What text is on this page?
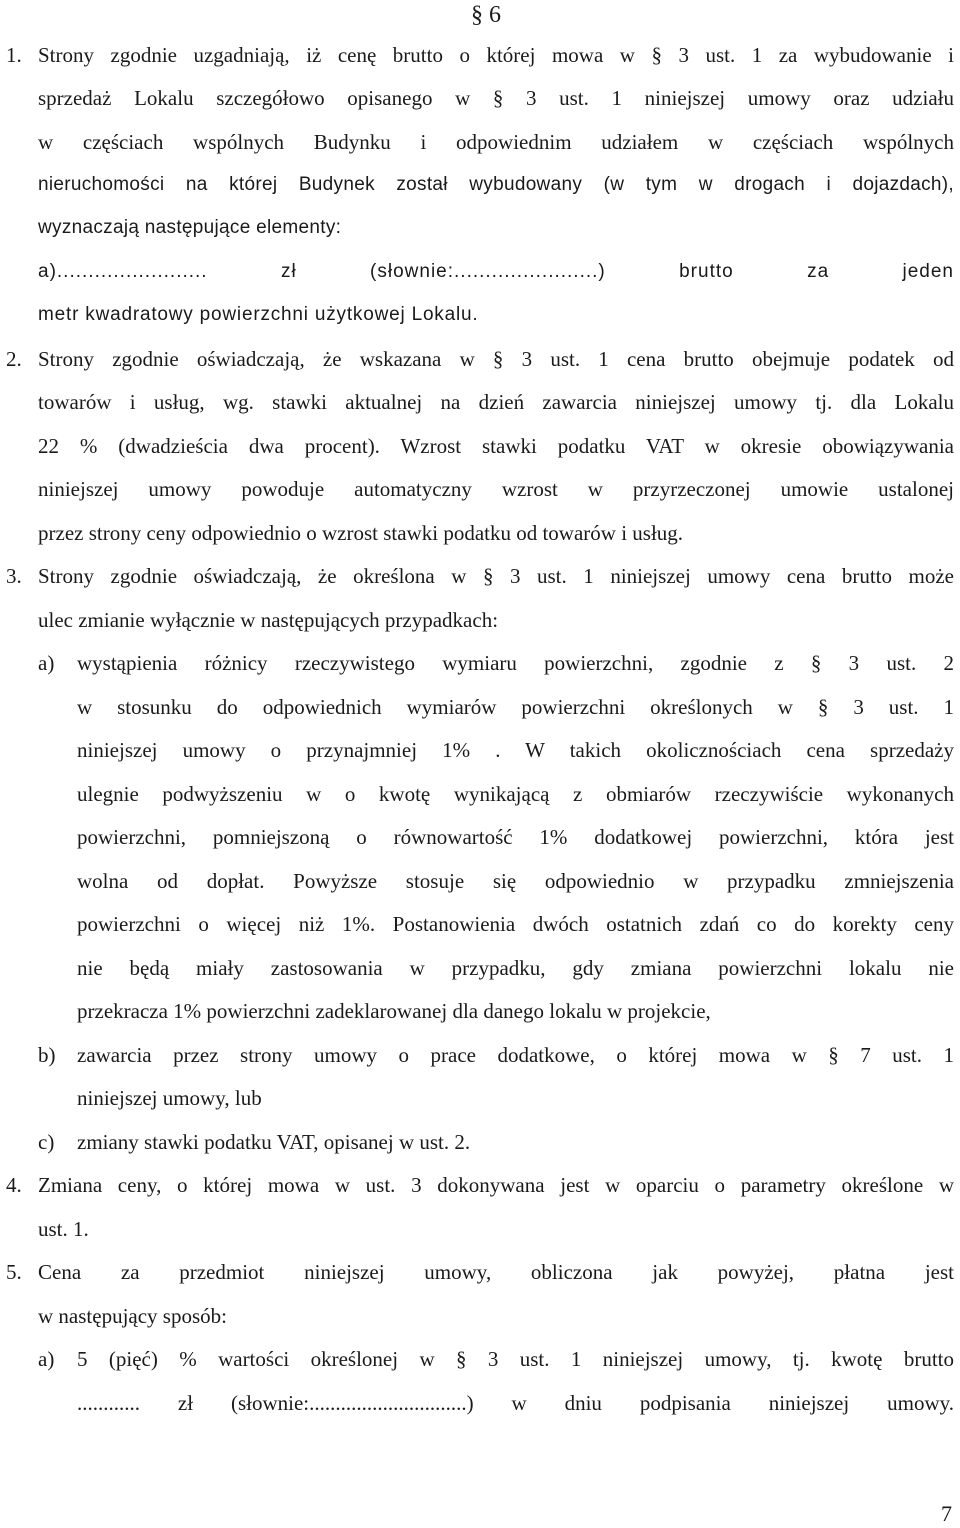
§ 6
1. Strony zgodnie uzgadniają, iż cenę brutto o której mowa w § 3 ust. 1 za wybudowanie i
sprzedaż Lokalu szczegółowo opisanego w § 3 ust. 1 niniejszej umowy oraz udziału
w częściach wspólnych Budynku i odpowiednim udziałem w częściach wspólnych
nieruchomości na której Budynek został wybudowany (w tym w drogach i dojazdach),
wyznaczają następujące elementy:
a)........................ zł (słownie:.......................) brutto za jeden
metr kwadratowy powierzchni użytkowej Lokalu.
2. Strony zgodnie oświadczają, że wskazana w § 3 ust. 1 cena brutto obejmuje podatek od
towarów i usług, wg. stawki aktualnej na dzień zawarcia niniejszej umowy tj. dla Lokalu
22 % (dwadzieścia dwa procent). Wzrost stawki podatku VAT w okresie obowiązywania
niniejszej umowy powoduje automatyczny wzrost w przyrzeczonej umowie ustalonej
przez strony ceny odpowiednio o wzrost stawki podatku od towarów i usług.
3. Strony zgodnie oświadczają, że określona w § 3 ust. 1 niniejszej umowy cena brutto może
ulec zmianie wyłącznie w następujących przypadkach:
a) wystąpienia różnicy rzeczywistego wymiaru powierzchni, zgodnie z § 3 ust. 2
w stosunku do odpowiednich wymiarów powierzchni określonych w § 3 ust. 1
niniejszej umowy o przynajmniej 1% . W takich okolicznościach cena sprzedaży
ulegnie podwyższeniu w o kwotę wynikającą z obmiarów rzeczywiście wykonanych
powierzchni, pomniejszoną o równowartość 1% dodatkowej powierzchni, która jest
wolna od dopłat. Powyższe stosuje się odpowiednio w przypadku zmniejszenia
powierzchni o więcej niż 1%. Postanowienia dwóch ostatnich zdań co do korekty ceny
nie będą miały zastosowania w przypadku, gdy zmiana powierzchni lokalu nie
przekracza 1% powierzchni zadeklarowanej dla danego lokalu w projekcie,
b) zawarcia przez strony umowy o prace dodatkowe, o której mowa w § 7 ust. 1
niniejszej umowy, lub
c) zmiany stawki podatku VAT, opisanej w ust. 2.
4. Zmiana ceny, o której mowa w ust. 3 dokonywana jest w oparciu o parametry określone w
ust. 1.
5. Cena za przedmiot niniejszej umowy, obliczona jak powyżej, płatna jest
w następujący sposób:
a) 5 (pięć) % wartości określonej w § 3 ust. 1 niniejszej umowy, tj. kwotę brutto
............ zł (słownie:..............................) w dniu podpisania niniejszej umowy.
7
